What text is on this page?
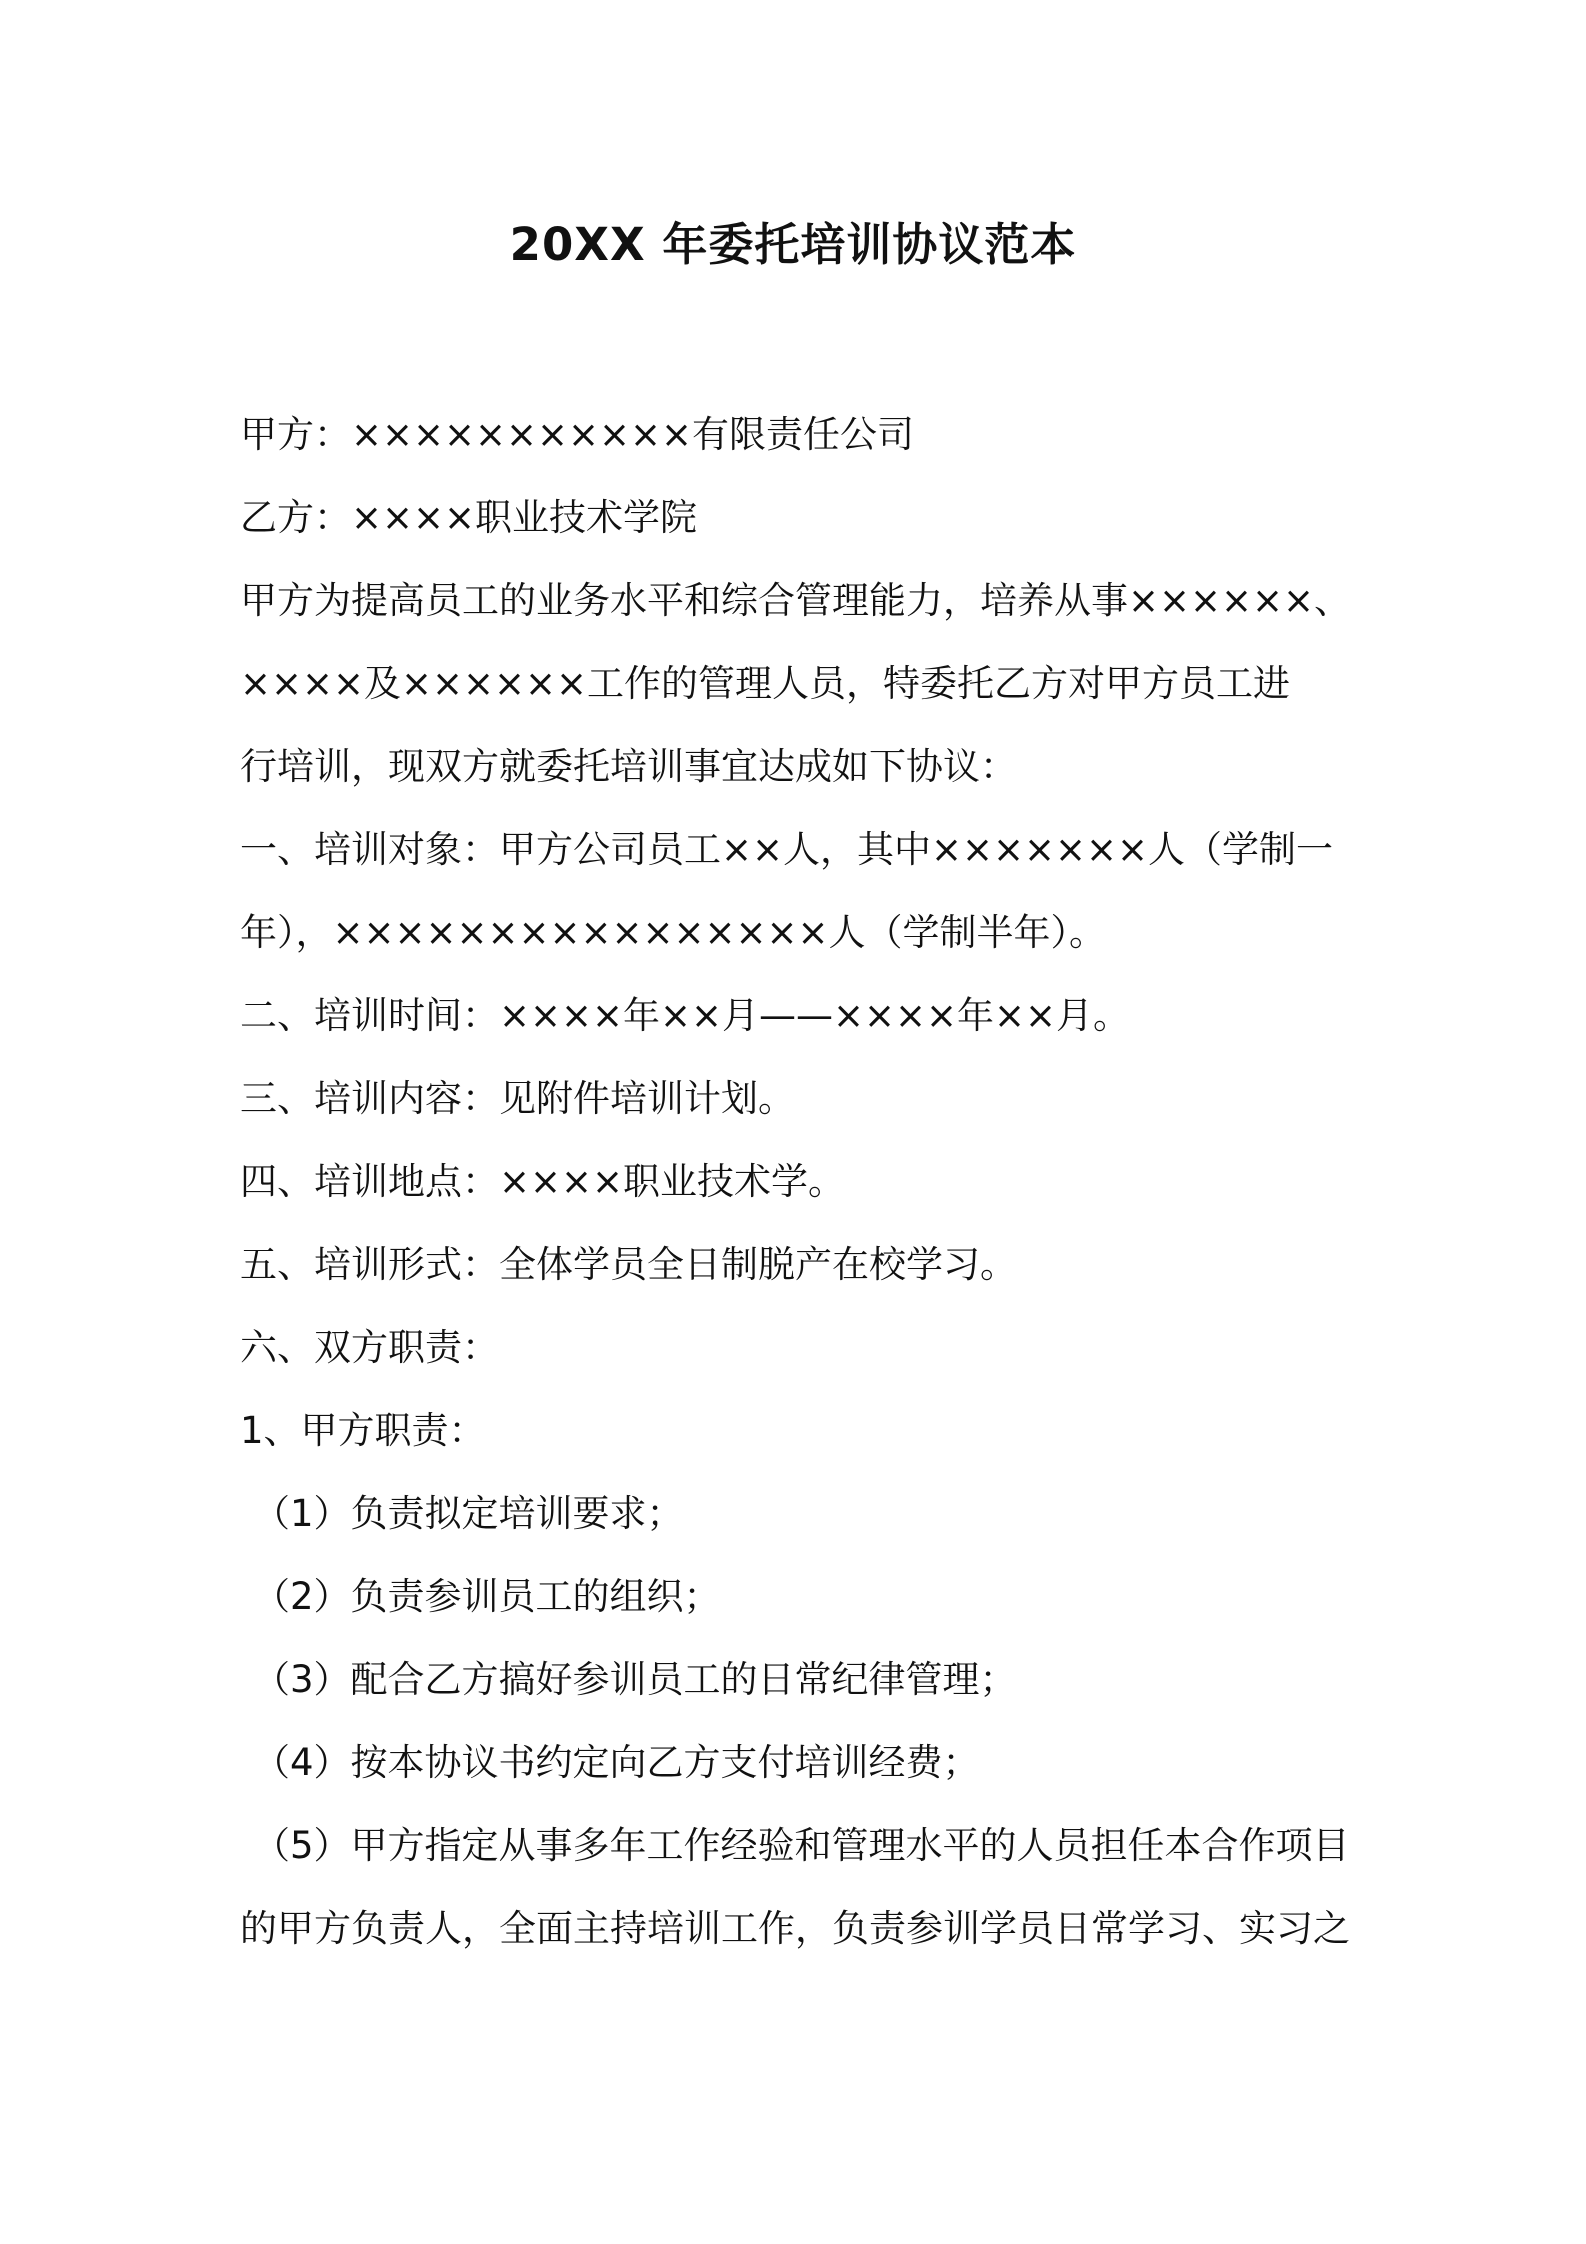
20XX 年委托培训协议范本

甲方：×××××××××××有限责任公司

乙方：××××职业技术学院

甲方为提高员工的业务水平和综合管理能力，培养从事××××××、

××××及××××××工作的管理人员，特委托乙方对甲方员工进

行培训，现双方就委托培训事宜达成如下协议：

一、培训对象：甲方公司员工××人，其中×××××××人（学制一

年），××××××××××××××××人（学制半年）。

二、培训时间：××××年××月——××××年××月。

三、培训内容：见附件培训计划。

四、培训地点：××××职业技术学。

五、培训形式：全体学员全日制脱产在校学习。

六、双方职责：

1、甲方职责：

（1）负责拟定培训要求；

（2）负责参训员工的组织；

（3）配合乙方搞好参训员工的日常纪律管理；

（4）按本协议书约定向乙方支付培训经费；

（5）甲方指定从事多年工作经验和管理水平的人员担任本合作项目

的甲方负责人，全面主持培训工作，负责参训学员日常学习、实习之
